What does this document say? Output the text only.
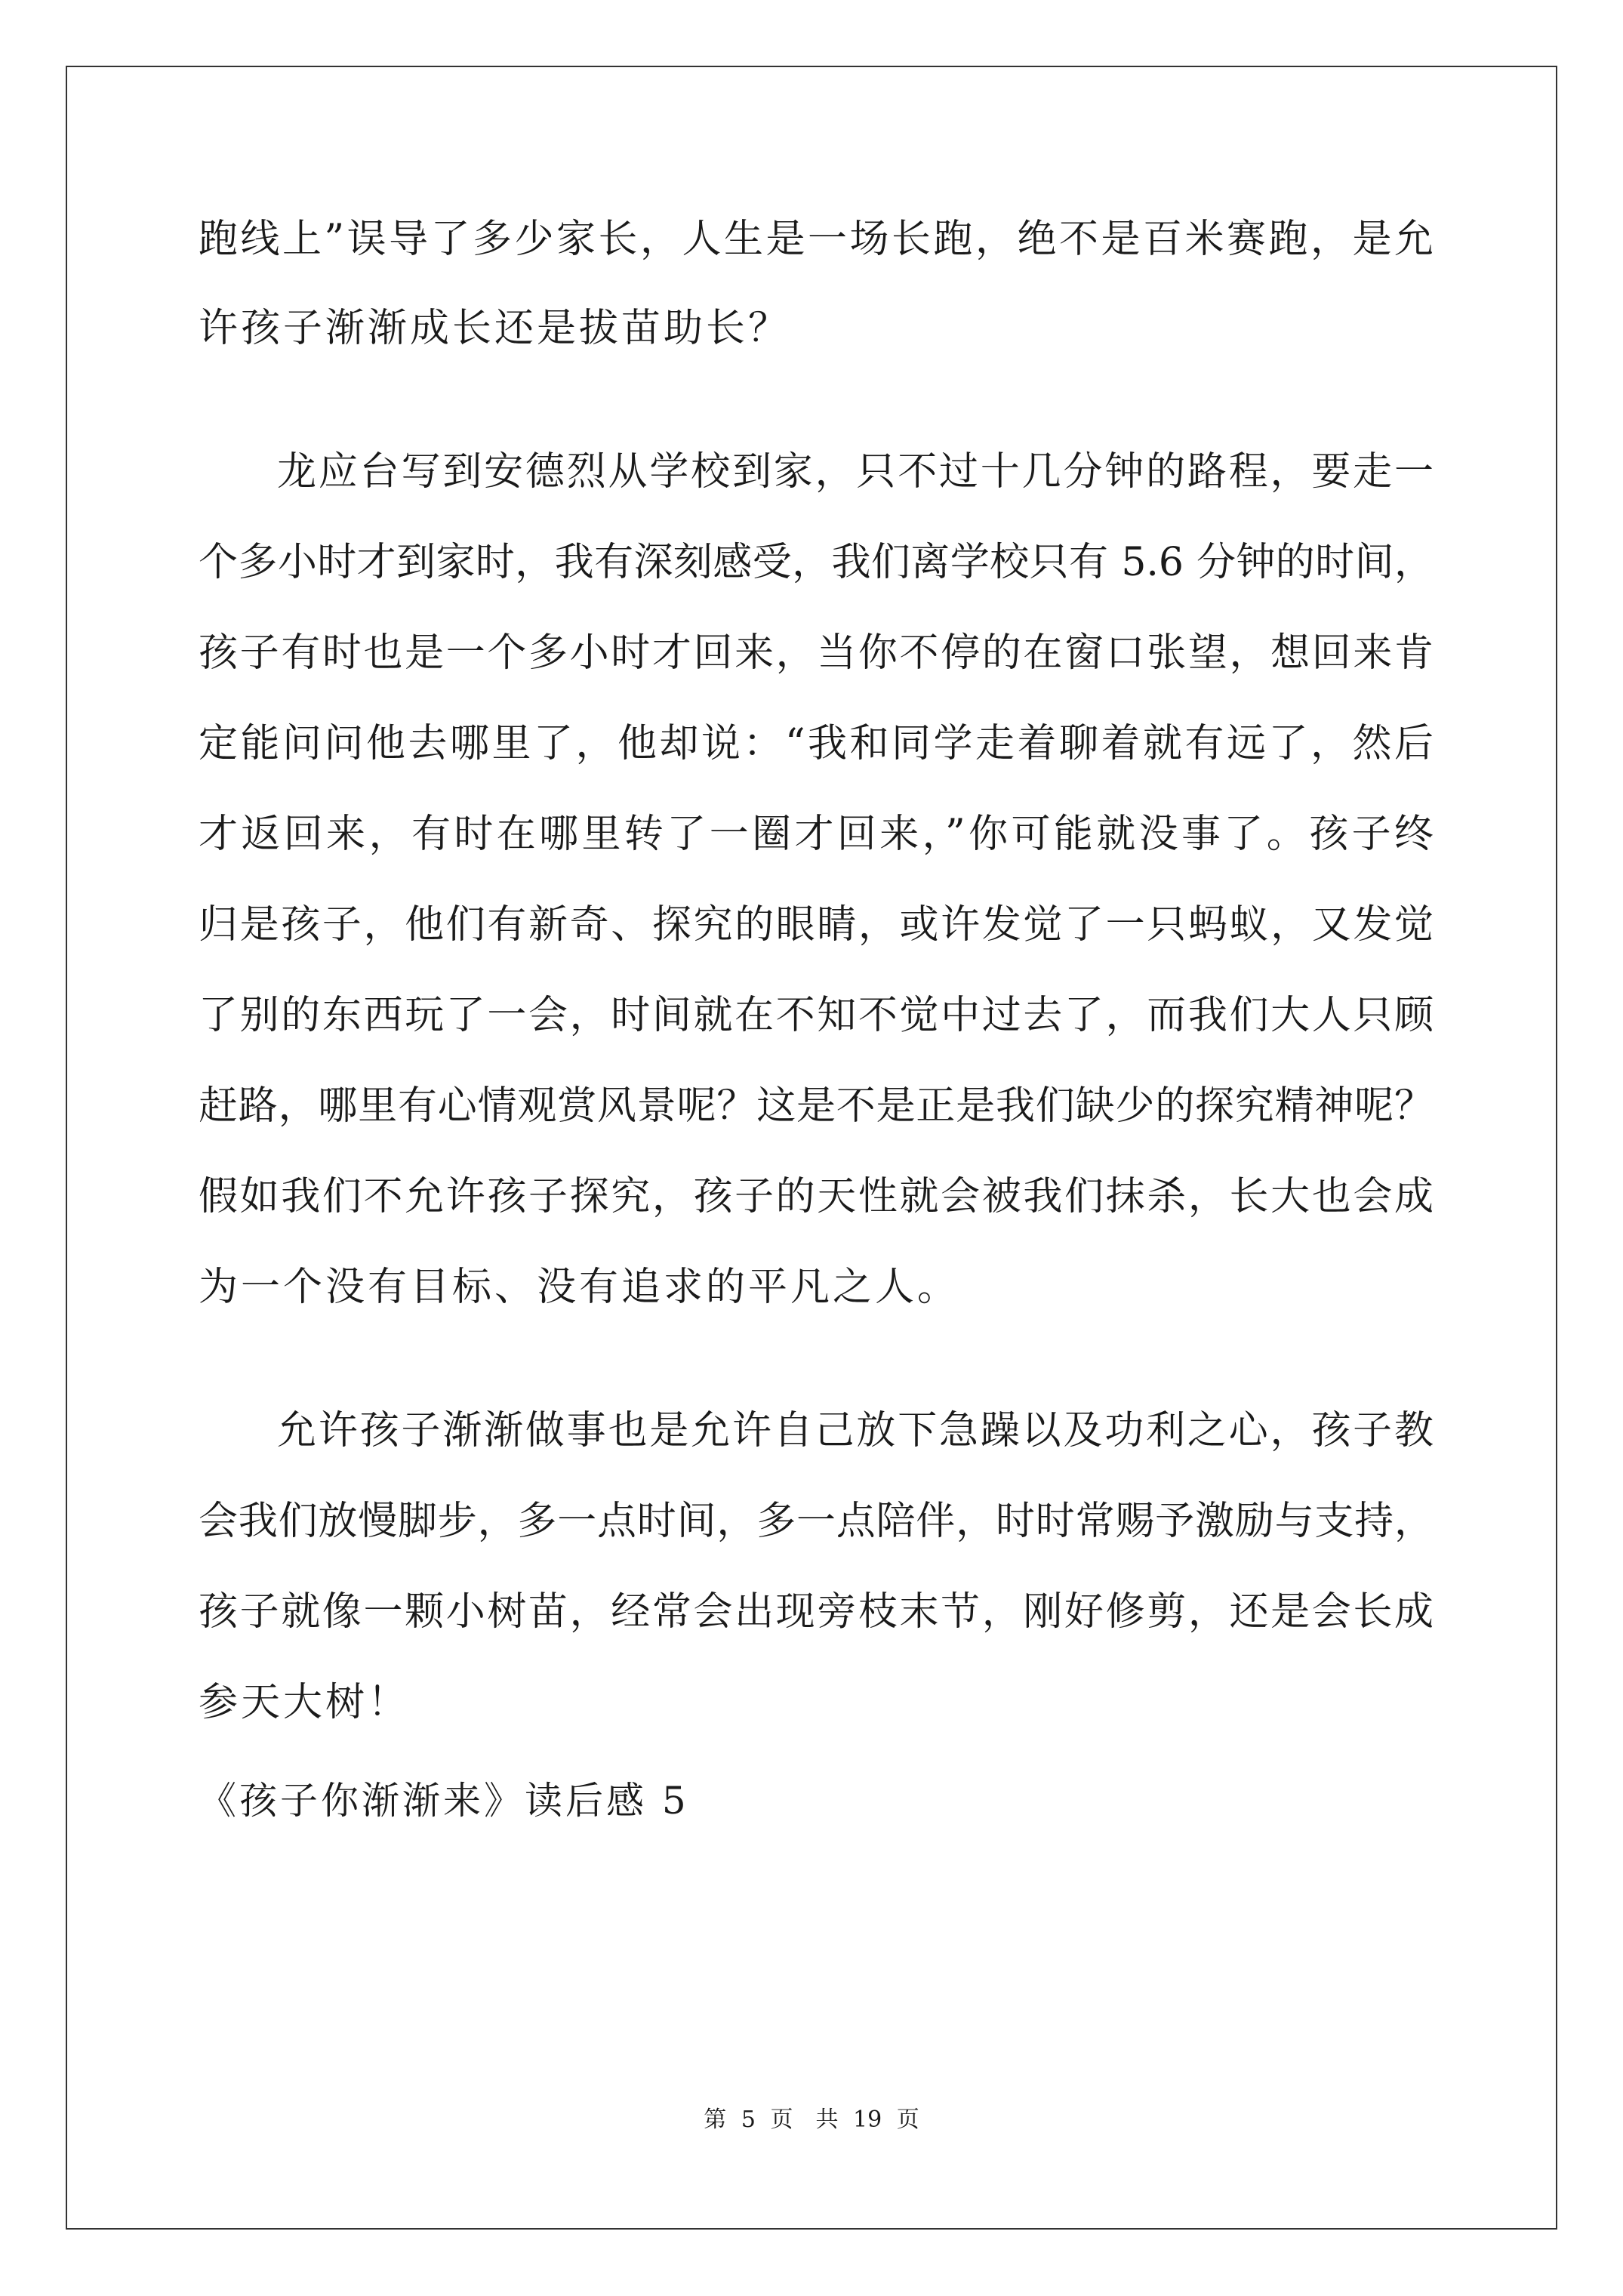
跑线上”误导了多少家长，人生是一场长跑，绝不是百米赛跑，是允
许孩子渐渐成长还是拔苗助长？
龙应台写到安德烈从学校到家，只不过十几分钟的路程，要走一
个多小时才到家时，我有深刻感受，我们离学校只有 5.6 分钟的时间，
孩子有时也是一个多小时才回来，当你不停的在窗口张望，想回来肯
定能问问他去哪里了，他却说：“我和同学走着聊着就有远了，然后
才返回来，有时在哪里转了一圈才回来，”你可能就没事了。孩子终
归是孩子，他们有新奇、探究的眼睛，或许发觉了一只蚂蚁，又发觉
了别的东西玩了一会，时间就在不知不觉中过去了，而我们大人只顾
赶路，哪里有心情观赏风景呢？这是不是正是我们缺少的探究精神呢？
假如我们不允许孩子探究，孩子的天性就会被我们抹杀，长大也会成
为一个没有目标、没有追求的平凡之人。
允许孩子渐渐做事也是允许自己放下急躁以及功利之心，孩子教
会我们放慢脚步，多一点时间，多一点陪伴，时时常赐予激励与支持，
孩子就像一颗小树苗，经常会出现旁枝末节，刚好修剪，还是会长成
参天大树！
《孩子你渐渐来》读后感 5
第 5 页　共 19 页
